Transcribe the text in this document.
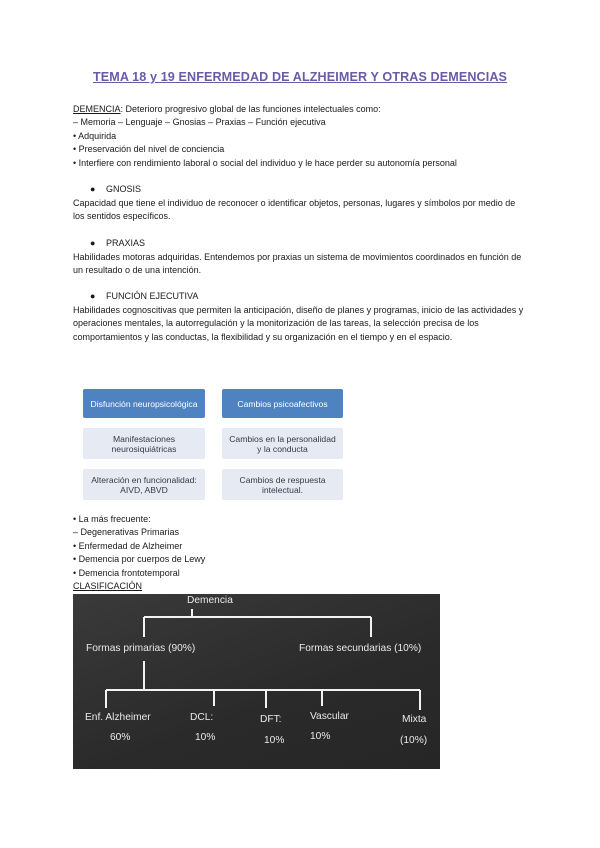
TEMA 18 y 19 ENFERMEDAD DE ALZHEIMER Y OTRAS DEMENCIAS
DEMENCIA: Deterioro progresivo global de las funciones intelectuales como:
– Memoria – Lenguaje – Gnosias – Praxias – Función ejecutiva
• Adquirida
• Preservación del nivel de conciencia
• Interfiere con rendimiento laboral o social del individuo y le hace perder su autonomía personal
● GNOSIS
Capacidad que tiene el individuo de reconocer o identificar objetos, personas, lugares y símbolos por medio de los sentidos específicos.
● PRAXIAS
Habilidades motoras adquiridas. Entendemos por praxias un sistema de movimientos coordinados en función de un resultado o de una intención.
● FUNCIÓN EJECUTIVA
Habilidades cognoscitivas que permiten la anticipación, diseño de planes y programas, inicio de las actividades y operaciones mentales, la autorregulación y la monitorización de las tareas, la selección precisa de los comportamientos y las conductas, la flexibilidad y su organización en el tiempo y en el espacio.
Disfunción neuropsicológica	Cambios psicoafectivos
Manifestaciones neurosiquiátricas
Cambios en la personalidad y la conducta
Alteración en funcionalidad: AIVD, ABVD
Cambios de respuesta intelectual.
• La más frecuente:
– Degenerativas Primarias
• Enfermedad de Alzheimer
• Demencia por cuerpos de Lewy
• Demencia frontotemporal
CLASIFICACIÓN
Demencia
Formas primarias (90%)	Formas secundarias (10%)
Enf. Alzheimer
60%
DCL:
10%
DFT:
10%
Vascular
10%
Mixta
(10%)
